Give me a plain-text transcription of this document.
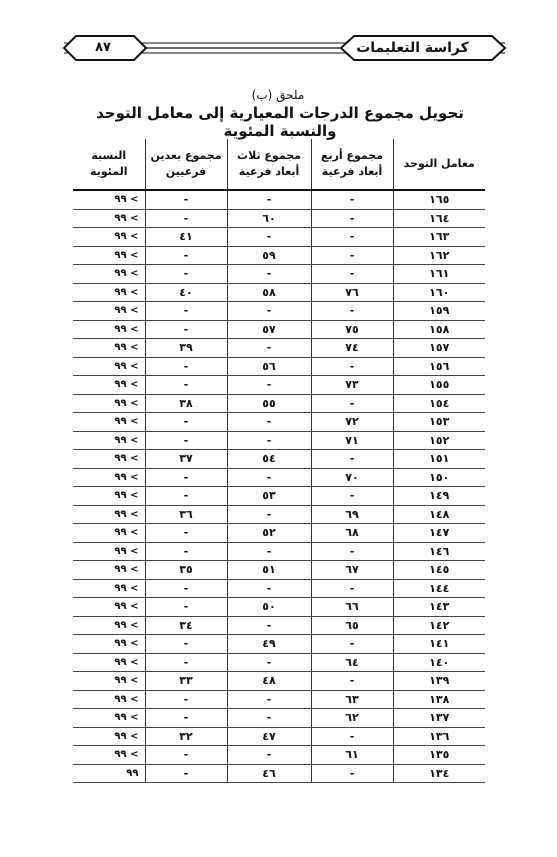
٨٧	كراسة التعليمات
ملحق (ب)
تحويل مجموع الدرجات المعيارية إلى معامل التوحد والنسبة المئوية
معامل التوحد	مجموع أربع أبعاد فرعية	مجموع ثلاث أبعاد فرعية	مجموع بعدين فرعيين	النسبة المئوية
١٦٥	-	-	-	> ٩٩
١٦٤	-	٦٠	-	> ٩٩
١٦٣	-	-	٤١	> ٩٩
١٦٢	-	٥٩	-	> ٩٩
١٦١	-	-	-	> ٩٩
١٦٠	٧٦	٥٨	٤٠	> ٩٩
١٥٩	-	-	-	> ٩٩
١٥٨	٧٥	٥٧	-	> ٩٩
١٥٧	٧٤	-	٣٩	> ٩٩
١٥٦	-	٥٦	-	> ٩٩
١٥٥	٧٣	-	-	> ٩٩
١٥٤	-	٥٥	٣٨	> ٩٩
١٥٣	٧٢	-	-	> ٩٩
١٥٢	٧١	-	-	> ٩٩
١٥١	-	٥٤	٣٧	> ٩٩
١٥٠	٧٠	-	-	> ٩٩
١٤٩	-	٥٣	-	> ٩٩
١٤٨	٦٩	-	٣٦	> ٩٩
١٤٧	٦٨	٥٢	-	> ٩٩
١٤٦	-	-	-	> ٩٩
١٤٥	٦٧	٥١	٣٥	> ٩٩
١٤٤	-	-	-	> ٩٩
١٤٣	٦٦	٥٠	-	> ٩٩
١٤٢	٦٥	-	٣٤	> ٩٩
١٤١	-	٤٩	-	> ٩٩
١٤٠	٦٤	-	-	> ٩٩
١٣٩	-	٤٨	٣٣	> ٩٩
١٣٨	٦٣	-	-	> ٩٩
١٣٧	٦٢	-	-	> ٩٩
١٣٦	-	٤٧	٣٢	> ٩٩
١٣٥	٦١	-	-	> ٩٩
١٣٤	-	٤٦	-	٩٩
